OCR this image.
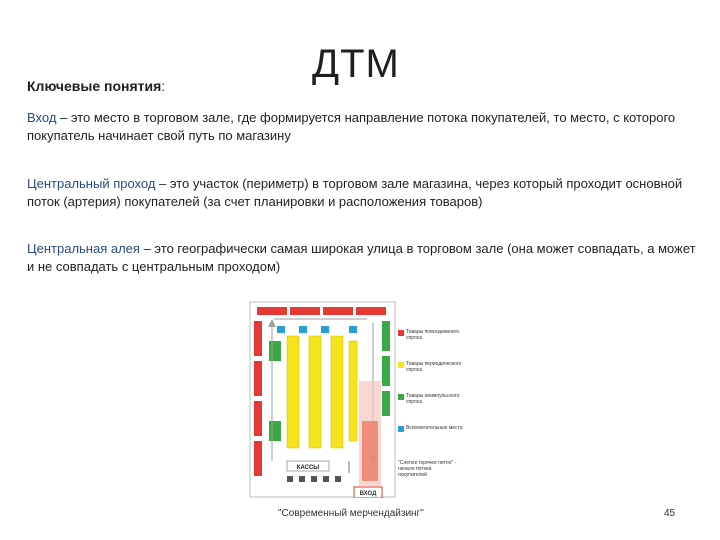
Ключевые понятия:	ДТМ
Вход – это место в торговом зале, где формируется направление потока покупателей, то место, с которого покупатель начинает свой путь по магазину
Центральный проход – это участок (периметр) в торговом зале магазина, через который проходит основной поток (артерия) покупателей (за счет планировки и расположения товаров)
Центральная алея – это географически самая широкая улица в торговом зале (она может совпадать, а может и не совпадать с центральным проходом)
ВХОД
КАССЫ
Товары повседневного спроса
Товары периодического спроса
Товары неимпульсного спроса
Вспомогательные места
"Слепое горячее пятно" - начало потока покупателей
"Современный мерчендайзинг"	45
